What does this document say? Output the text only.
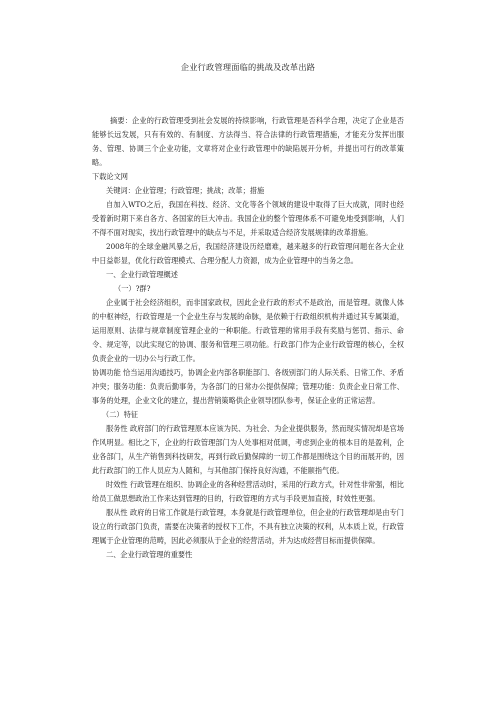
企业行政管理面临的挑战及改革出路

摘要：企业的行政管理受到社会发展的持续影响，行政管理是否科学合理，决定了企业是否能够长远发展，只有有效的、有制度、方法得当、符合法律的行政管理措施，才能充分发挥出服务、管理、协调三个企业功能，文章将对企业行政管理中的缺陷展开分析，并提出可行的改革策略。

下载论文网

关键词：企业管理；行政管理；挑战；改革；措施

自加入WTO之后，我国在科技、经济、文化等各个领域的建设中取得了巨大成就，同时也经受着新时期下来自各方、各国家的巨大冲击。我国企业的整个管理体系不可避免地受到影响，人们不得不面对现实，找出行政管理中的缺点与不足，并采取适合经济发展规律的改革措施。

2008年的全球金融风暴之后，我国经济建设历经磨难，越来越多的行政管理问题在各大企业中日益彰显，优化行政管理模式、合理分配人力资源，成为企业管理中的当务之急。

一、企业行政管理概述

（一）?群?

企业属于社会经济组织，而非国家政权，因此企业行政的形式不是政治，而是管理。就像人体的中枢神经，行政管理是一个企业生存与发展的命脉，是依赖于行政组织机构并通过其专属渠道，运用原则、法律与规章制度管理企业的一种职能。行政管理的常用手段有奖励与惩罚、指示、命令、规定等，以此实现它的协调、服务和管理三项功能。行政部门作为企业行政管理的核心，全权负责企业的一切办公与行政工作。

协调功能 恰当运用沟通技巧，协调企业内部各职能部门、各级别部门的人际关系、日常工作、矛盾冲突；服务功能：负责后勤事务，为各部门的日常办公提供保障；管理功能：负责企业日常工作、事务的处理，企业文化的建立，提出营销策略供企业领导团队参考，保证企业的正常运营。

（二）特征

服务性 政府部门的行政管理原本应该为民、为社会、为企业提供服务，然而现实情况却是官场作风明显。相比之下，企业的行政管理部门为人处事相对低调，考虑到企业的根本目的是盈利，企业各部门，从生产销售到科技研发，再到行政后勤保障的一切工作都是围绕这个目的而展开的，因此行政部门的工作人员应为人随和，与其他部门保持良好沟通，不能颐指气使。

时效性 行政管理在组织、协调企业的各种经营活动时，采用的行政方式，针对性非常强，相比给员工做思想政治工作来达到管理的目的，行政管理的方式与手段更加直接，时效性更强。

服从性 政府的日常工作就是行政管理，本身就是行政管理单位，但企业的行政管理却是由专门设立的行政部门负责，需要在决策者的授权下工作，不具有独立决策的权利，从本质上说，行政管理属于企业管理的范畴，因此必须服从于企业的经营活动，并为达成经营目标而提供保障。

二、企业行政管理的重要性
